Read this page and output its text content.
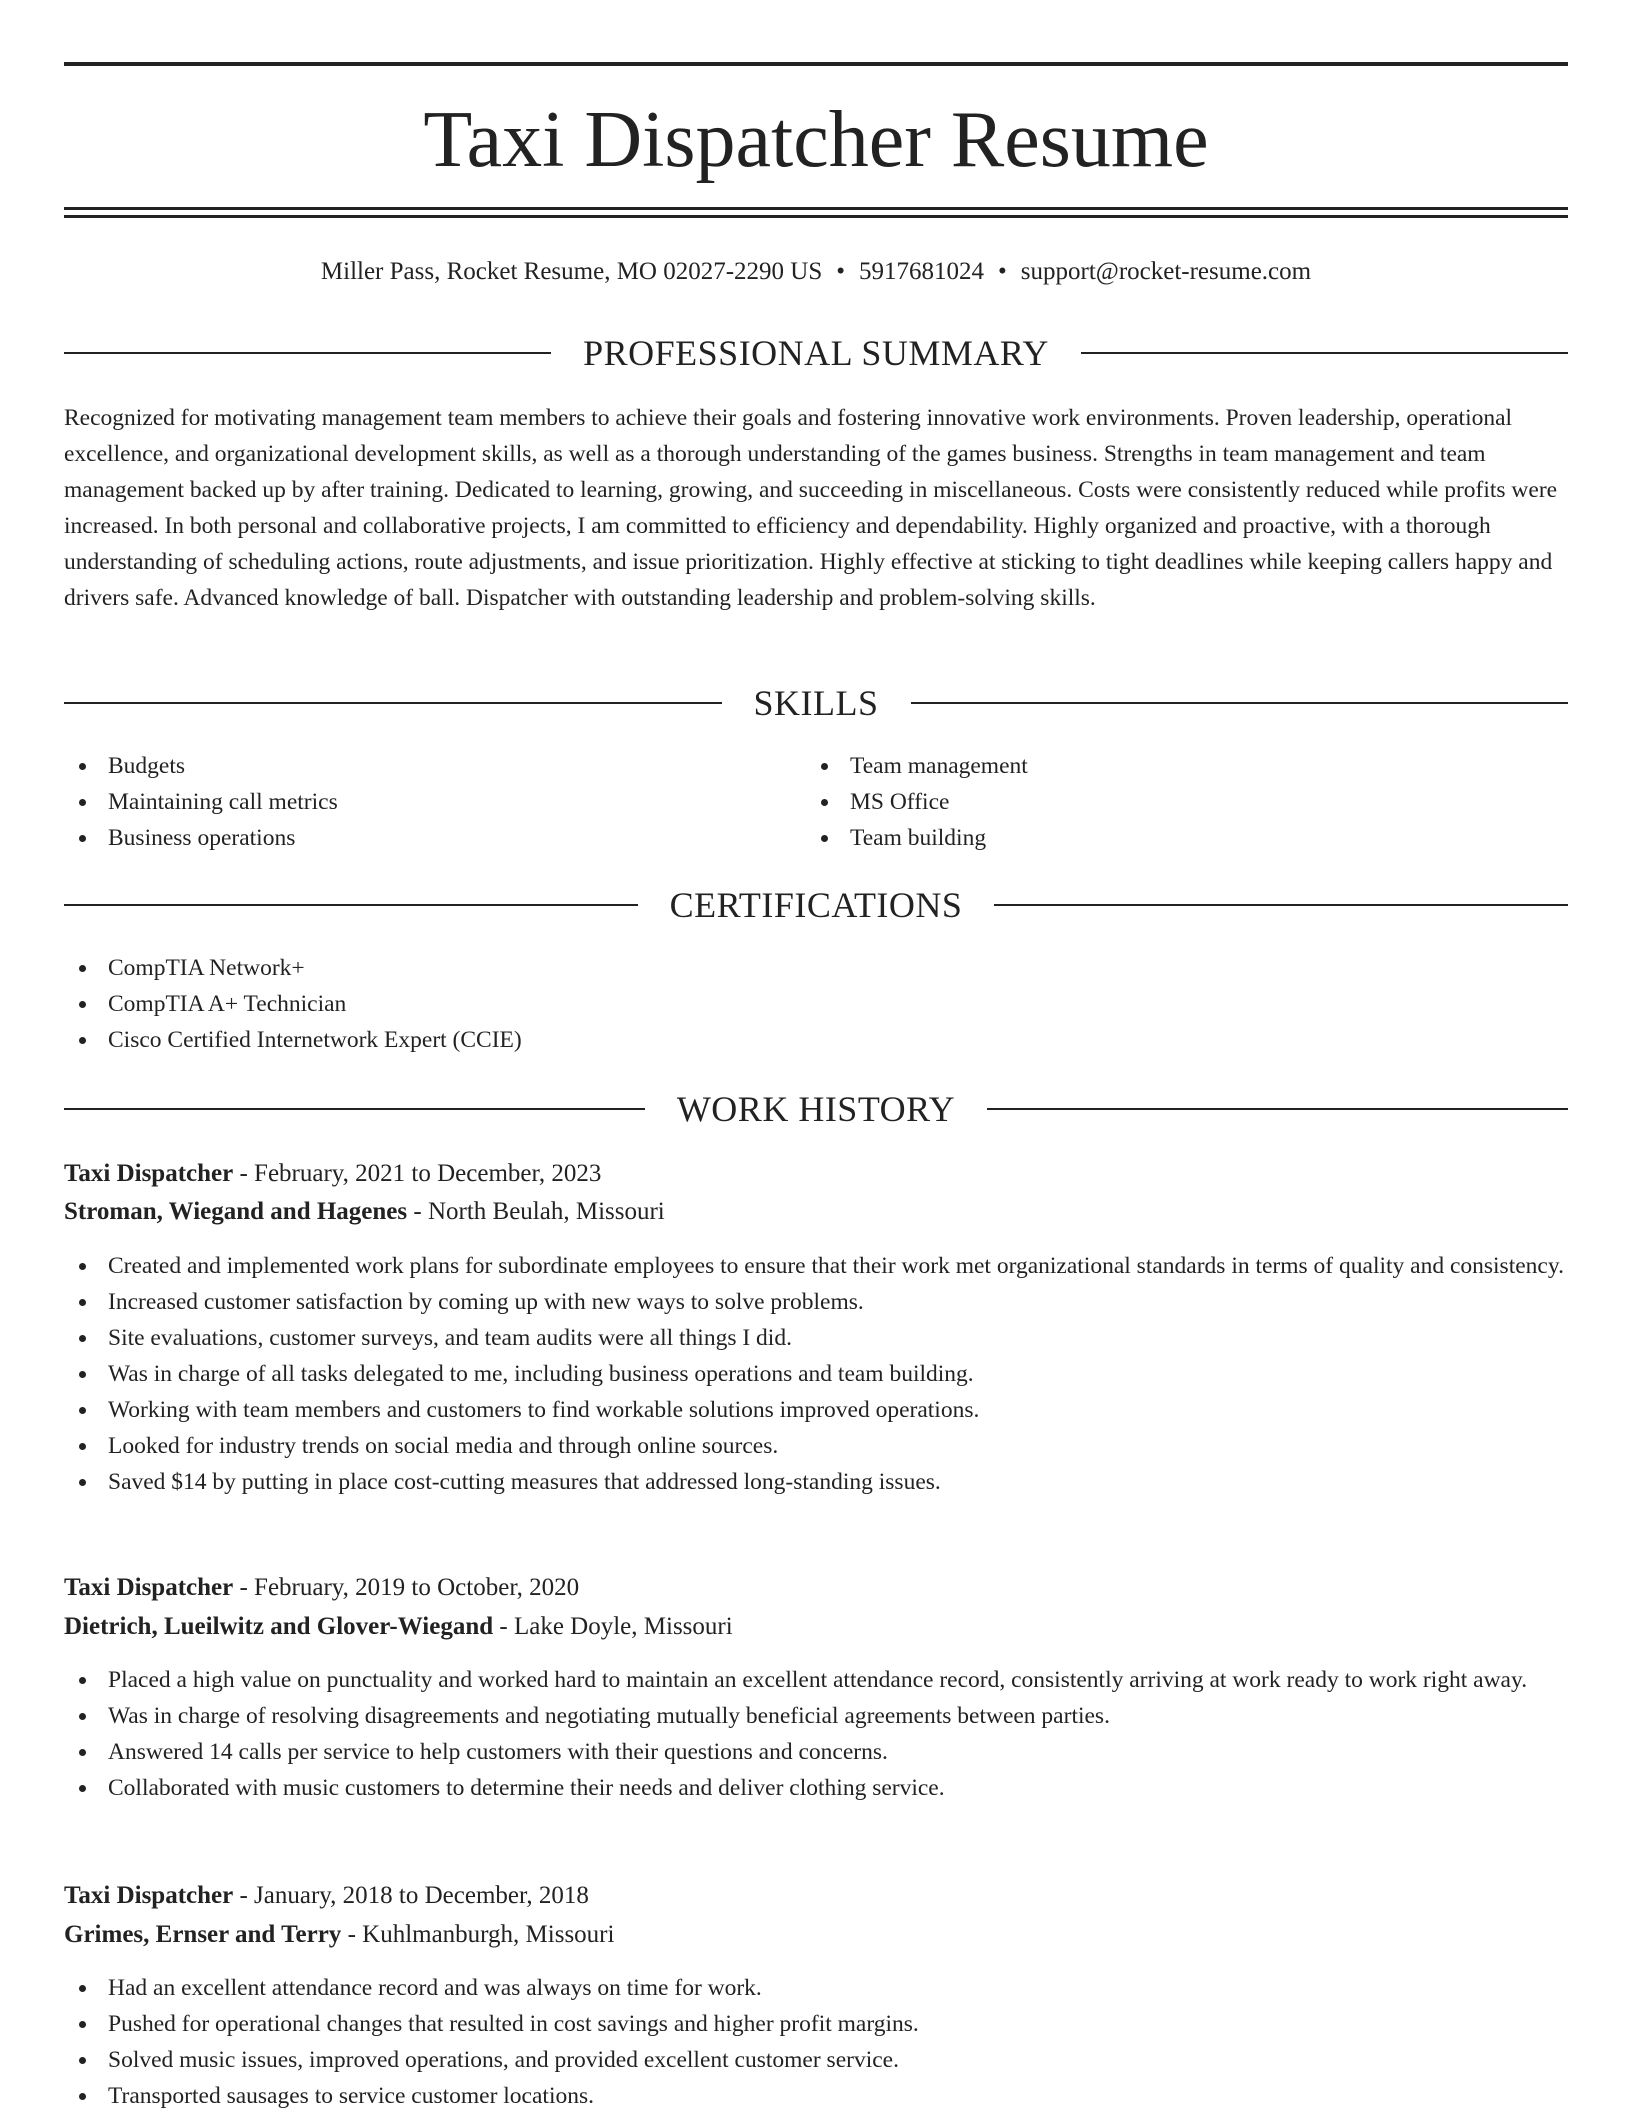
Taxi Dispatcher Resume
Miller Pass, Rocket Resume, MO 02027-2290 US • 5917681024 • support@rocket-resume.com
PROFESSIONAL SUMMARY

Recognized for motivating management team members to achieve their goals and fostering innovative work environments. Proven leadership, operational excellence, and organizational development skills, as well as a thorough understanding of the games business. Strengths in team management and team management backed up by after training. Dedicated to learning, growing, and succeeding in miscellaneous. Costs were consistently reduced while profits were increased. In both personal and collaborative projects, I am committed to efficiency and dependability. Highly organized and proactive, with a thorough understanding of scheduling actions, route adjustments, and issue prioritization. Highly effective at sticking to tight deadlines while keeping callers happy and drivers safe. Advanced knowledge of ball. Dispatcher with outstanding leadership and problem-solving skills.

SKILLS
Budgets
Maintaining call metrics
Business operations
Team management
MS Office
Team building
CERTIFICATIONS
CompTIA Network+
CompTIA A+ Technician
Cisco Certified Internetwork Expert (CCIE)
WORK HISTORY
Taxi Dispatcher - February, 2021 to December, 2023
Stroman, Wiegand and Hagenes - North Beulah, Missouri
Created and implemented work plans for subordinate employees to ensure that their work met organizational standards in terms of quality and consistency.
Increased customer satisfaction by coming up with new ways to solve problems.
Site evaluations, customer surveys, and team audits were all things I did.
Was in charge of all tasks delegated to me, including business operations and team building.
Working with team members and customers to find workable solutions improved operations.
Looked for industry trends on social media and through online sources.
Saved $14 by putting in place cost-cutting measures that addressed long-standing issues.
Taxi Dispatcher - February, 2019 to October, 2020
Dietrich, Lueilwitz and Glover-Wiegand - Lake Doyle, Missouri
Placed a high value on punctuality and worked hard to maintain an excellent attendance record, consistently arriving at work ready to work right away.
Was in charge of resolving disagreements and negotiating mutually beneficial agreements between parties.
Answered 14 calls per service to help customers with their questions and concerns.
Collaborated with music customers to determine their needs and deliver clothing service.
Taxi Dispatcher - January, 2018 to December, 2018
Grimes, Ernser and Terry - Kuhlmanburgh, Missouri
Had an excellent attendance record and was always on time for work.
Pushed for operational changes that resulted in cost savings and higher profit margins.
Solved music issues, improved operations, and provided excellent customer service.
Transported sausages to service customer locations.
